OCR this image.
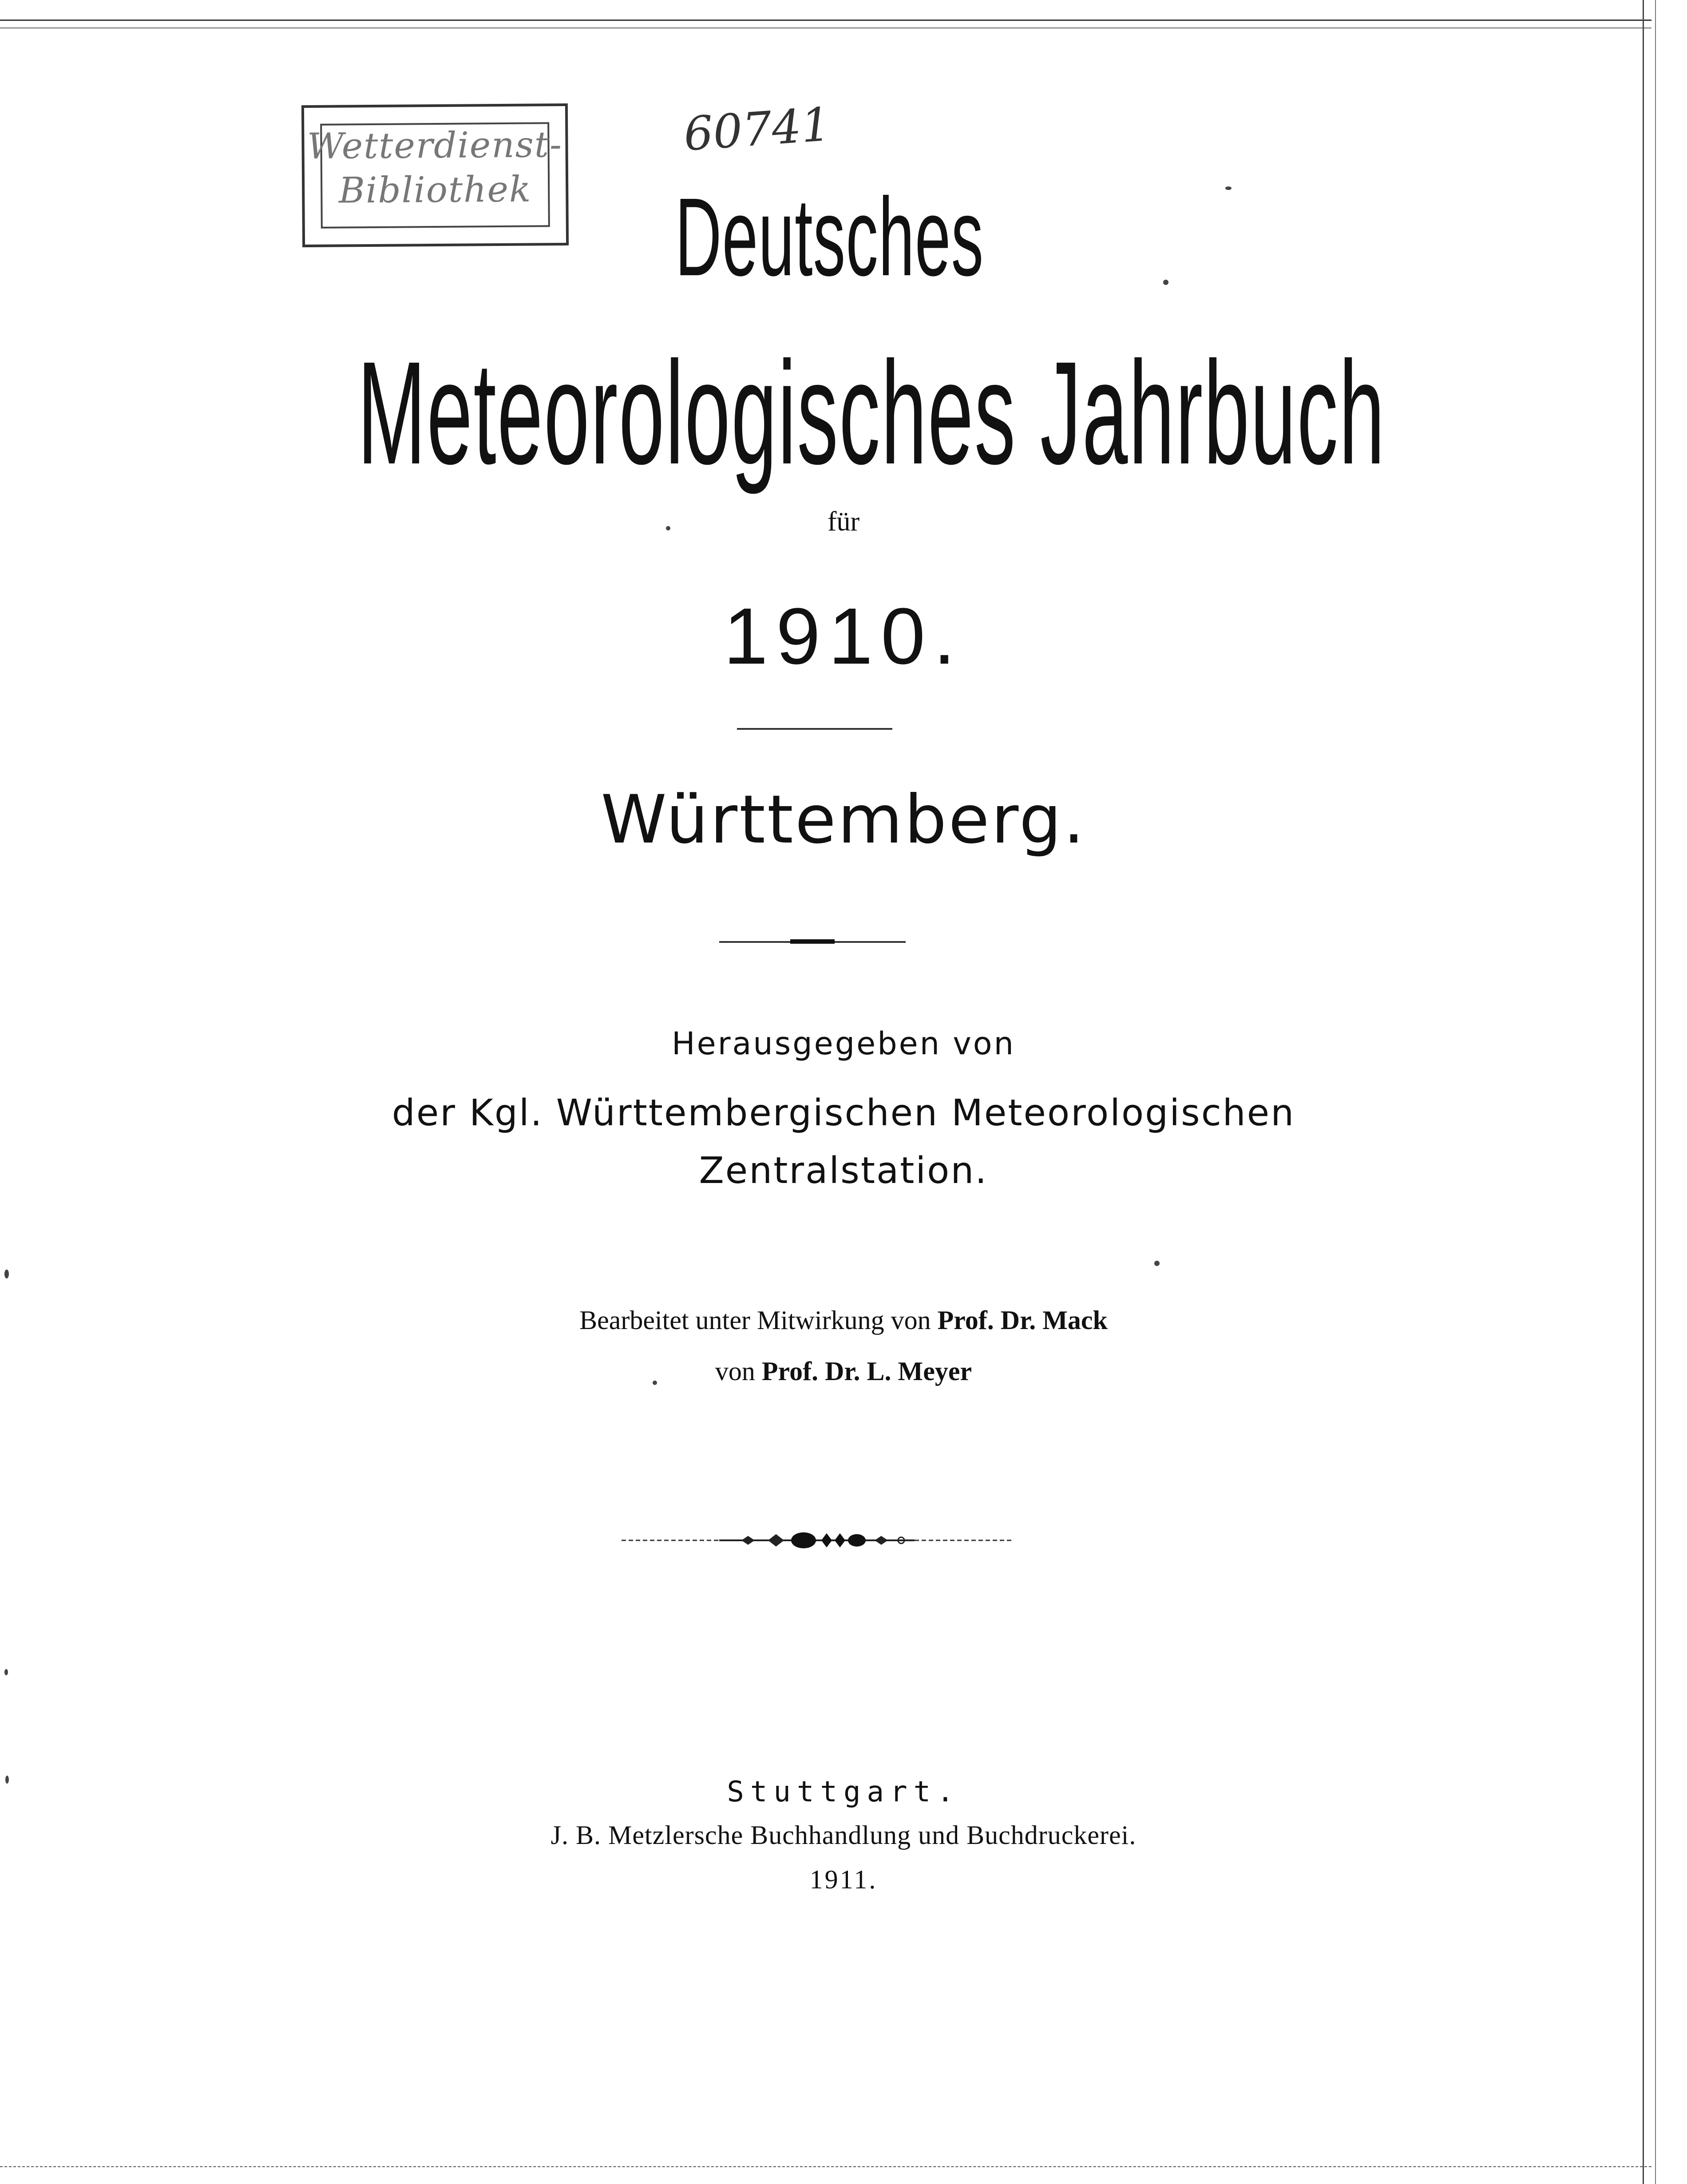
Wetterdienst-
Bibliothek
60741
Deutsches
Meteorologisches Jahrbuch
für
1910.
Württemberg.
Herausgegeben von
der Kgl. Württembergischen Meteorologischen
Zentralstation.
Bearbeitet unter Mitwirkung von Prof. Dr. Mack
von Prof. Dr. L. Meyer
Stuttgart.
J. B. Metzlersche Buchhandlung und Buchdruckerei.
1911.
